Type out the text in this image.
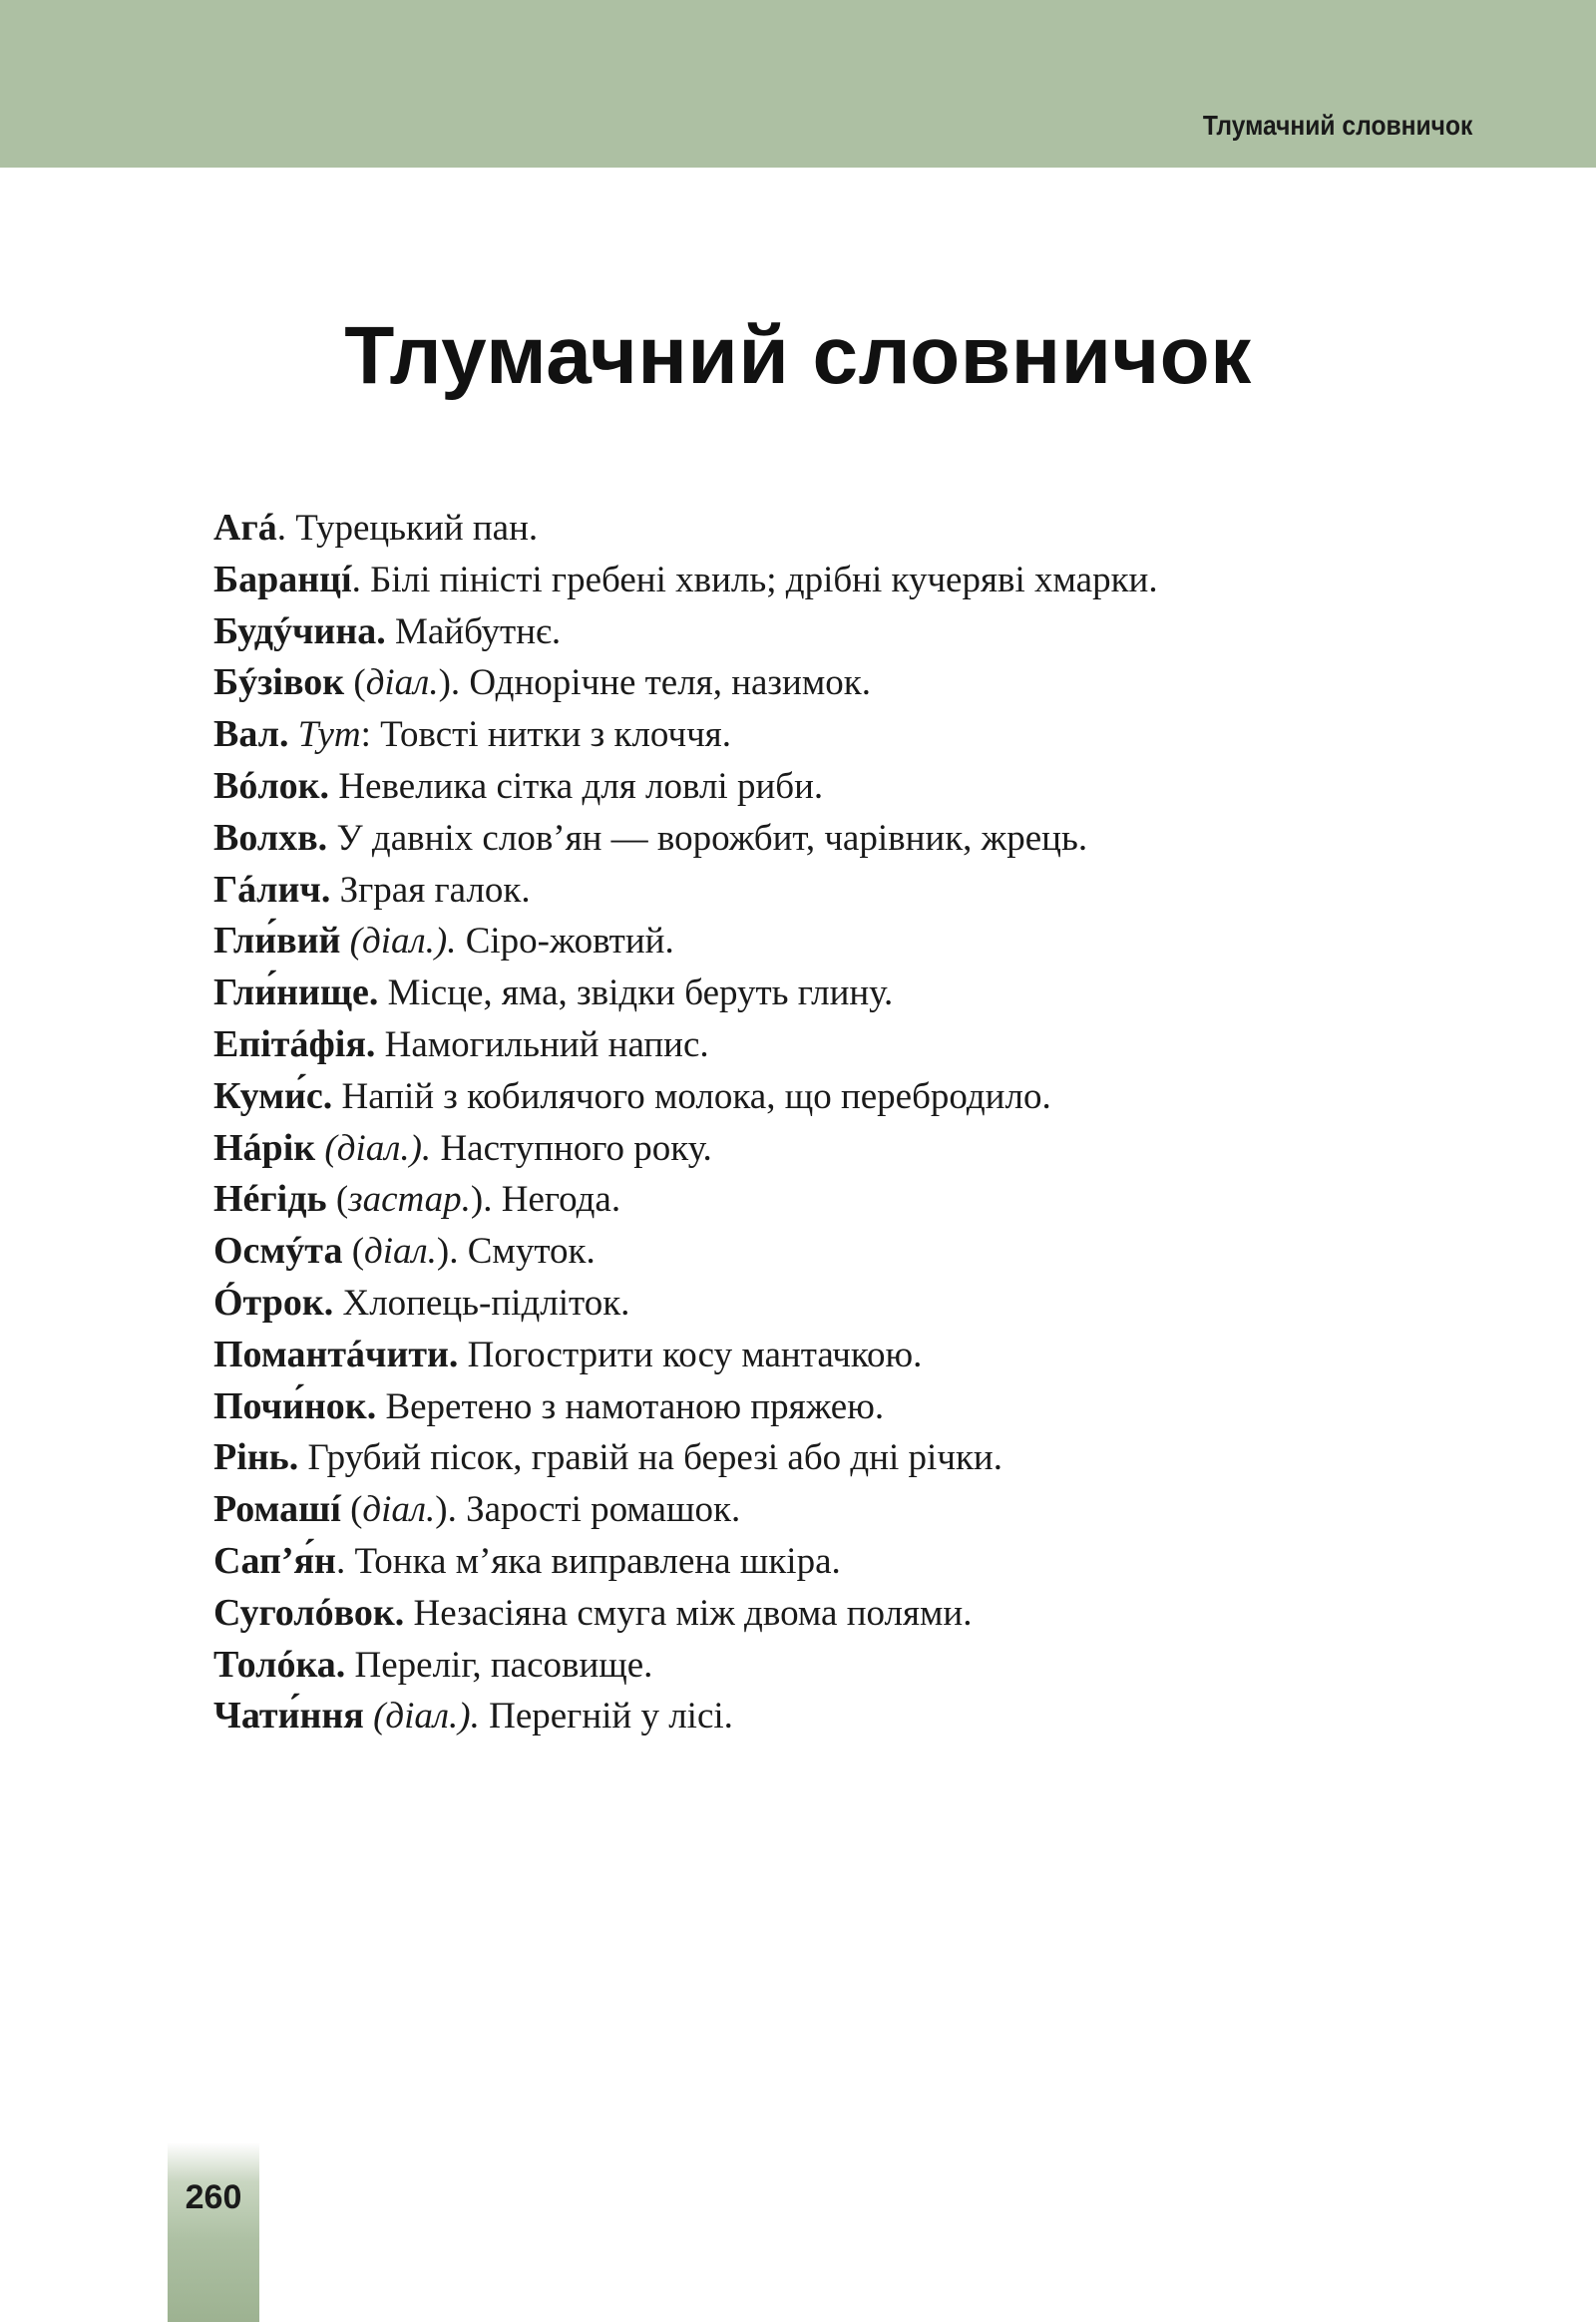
Тлумачний словничок
Тлумачний словничок
Агá. Турецький пан.
Баранцí. Білі піністі гребені хвиль; дрібні кучеряві хмарки.
Будýчина. Майбутнє.
Бýзівок (діал.). Однорічне теля, назимок.
Вал. Тут: Товсті нитки з клоччя.
Вóлок. Невелика сітка для ловлі риби.
Волхв. У давніх слов’ян — ворожбит, чарівник, жрець.
Гáлич. Зграя галок.
Гли́вий (діал.). Сіро-жовтий.
Гли́нище. Місце, яма, звідки беруть глину.
Епітáфія. Намогильний напис.
Куми́с. Напій з кобилячого молока, що перебродило.
Нáрік (діал.). Наступного року.
Нéгідь (застар.). Негода.
Осмýта (діал.). Смуток.
Óтрок. Хлопець-підліток.
Помантáчити. Погострити косу мантачкою.
Почи́нок. Веретено з намотаною пряжею.
Рінь. Грубий пісок, гравій на березі або дні річки.
Ромашí (діал.). Зарості ромашок.
Сап’я́н. Тонка м’яка виправлена шкіра.
Суголóвок. Незасіяна смуга між двома полями.
Толóка. Переліг, пасовище.
Чати́ння (діал.). Перегній у лісі.
260
